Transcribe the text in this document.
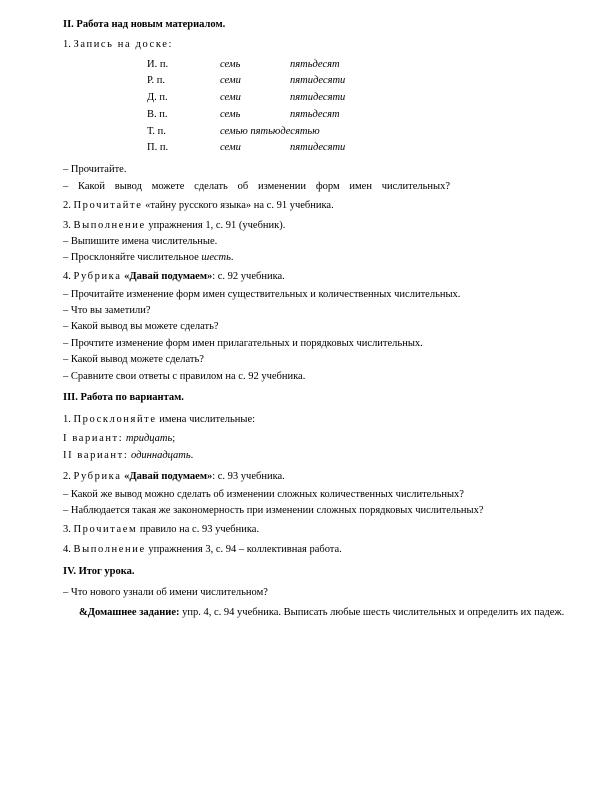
II. Работа над новым материалом.
1. Запись на доске:
И. п.	семь	пятьдесят
Р. п.	семи	пятидесяти
Д. п.	семи	пятидесяти
В. п.	семь	пятьдесят
Т. п.	семью пятьюдесятью
П. п.	семи	пятидесяти
– Прочитайте.
– Какой вывод можете сделать об изменении форм имен числительных?
2. Прочитайте «тайну русского языка» на с. 91 учебника.
3. Выполнение упражнения 1, с. 91 (учебник).
– Выпишите имена числительные.
– Просклоняйте числительное шесть.
4. Рубрика «Давай подумаем»: с. 92 учебника.
– Прочитайте изменение форм имен существительных и количественных числительных.
– Что вы заметили?
– Какой вывод вы можете сделать?
– Прочтите изменение форм имен прилагательных и порядковых числительных.
– Какой вывод можете сделать?
– Сравните свои ответы с правилом на с. 92 учебника.
III. Работа по вариантам.
1. Просклоняйте имена числительные:
I вариант: тридцать;
II вариант: одиннадцать.
2. Рубрика «Давай подумаем»: с. 93 учебника.
– Какой же вывод можно сделать об изменении сложных количественных числительных?
– Наблюдается такая же закономерность при изменении сложных порядковых числительных?
3. Прочитаем правило на с. 93 учебника.
4. Выполнение упражнения 3, с. 94 – коллективная работа.
IV. Итог урока.
– Что нового узнали об имени числительном?
&Домашнее задание: упр. 4, с. 94 учебника. Выписать любые шесть числительных и определить их падеж.
